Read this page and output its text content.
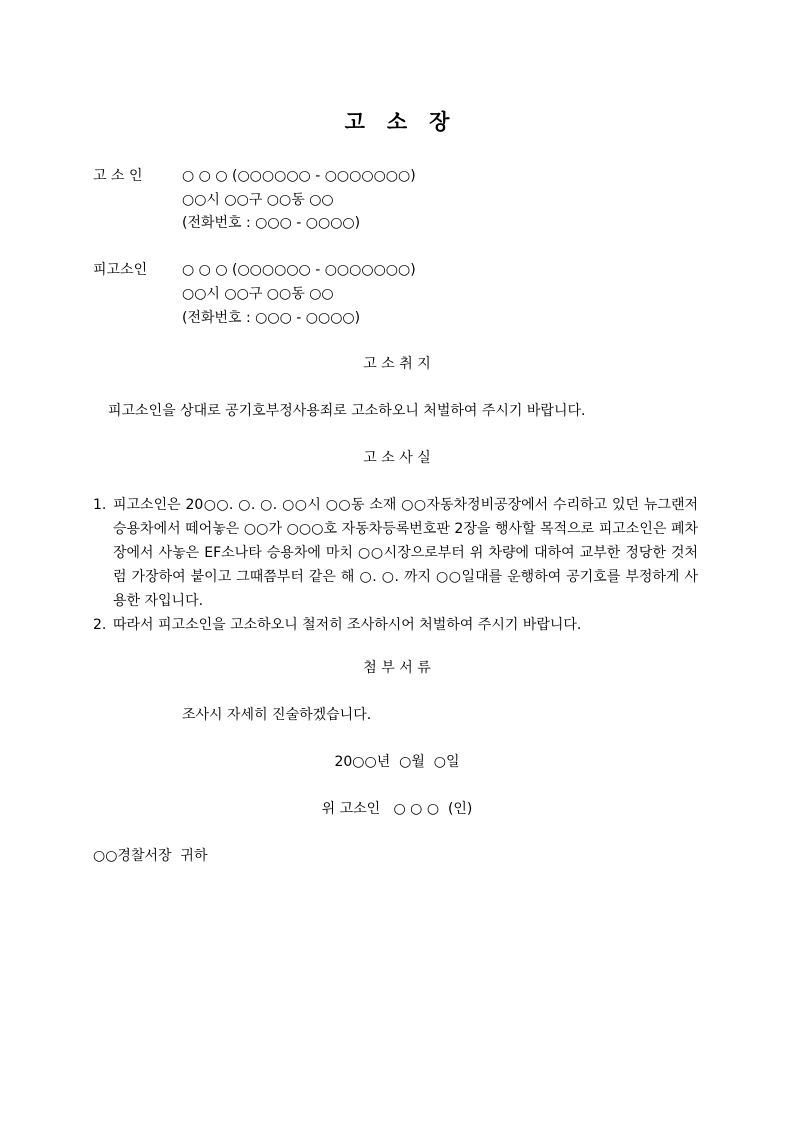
고   소   장
고 소 인	○ ○ ○ (○○○○○○ - ○○○○○○○)
○○시 ○○구 ○○동 ○○
(전화번호 : ○○○ - ○○○○)
피고소인 ○ ○ ○ (○○○○○○ - ○○○○○○○)
○○시 ○○구 ○○동 ○○
(전화번호 : ○○○ - ○○○○)
고 소 취 지
피고소인을 상대로 공기호부정사용죄로 고소하오니 처벌하여 주시기 바랍니다.
고 소 사 실
1. 피고소인은 20○○. ○. ○. ○○시 ○○동 소재 ○○자동차정비공장에서 수리하고 있던 뉴그랜저 승용차에서 떼어놓은 ○○가 ○○○호 자동차등록번호판 2장을 행사할 목적으로 피고소인은 폐차장에서 사놓은 EF소나타 승용차에 마치 ○○시장으로부터 위 차량에 대하여 교부한 정당한 것처럼 가장하여 붙이고 그때쯤부터 같은 해 ○. ○. 까지 ○○일대를 운행하여 공기호를 부정하게 사용한 자입니다.
2. 따라서 피고소인을 고소하오니 철저히 조사하시어 처벌하여 주시기 바랍니다.
첨 부 서 류
조사시 자세히 진술하겠습니다.
20○○년  ○월  ○일
위 고소인   ○ ○ ○  (인)
○○경찰서장  귀하
